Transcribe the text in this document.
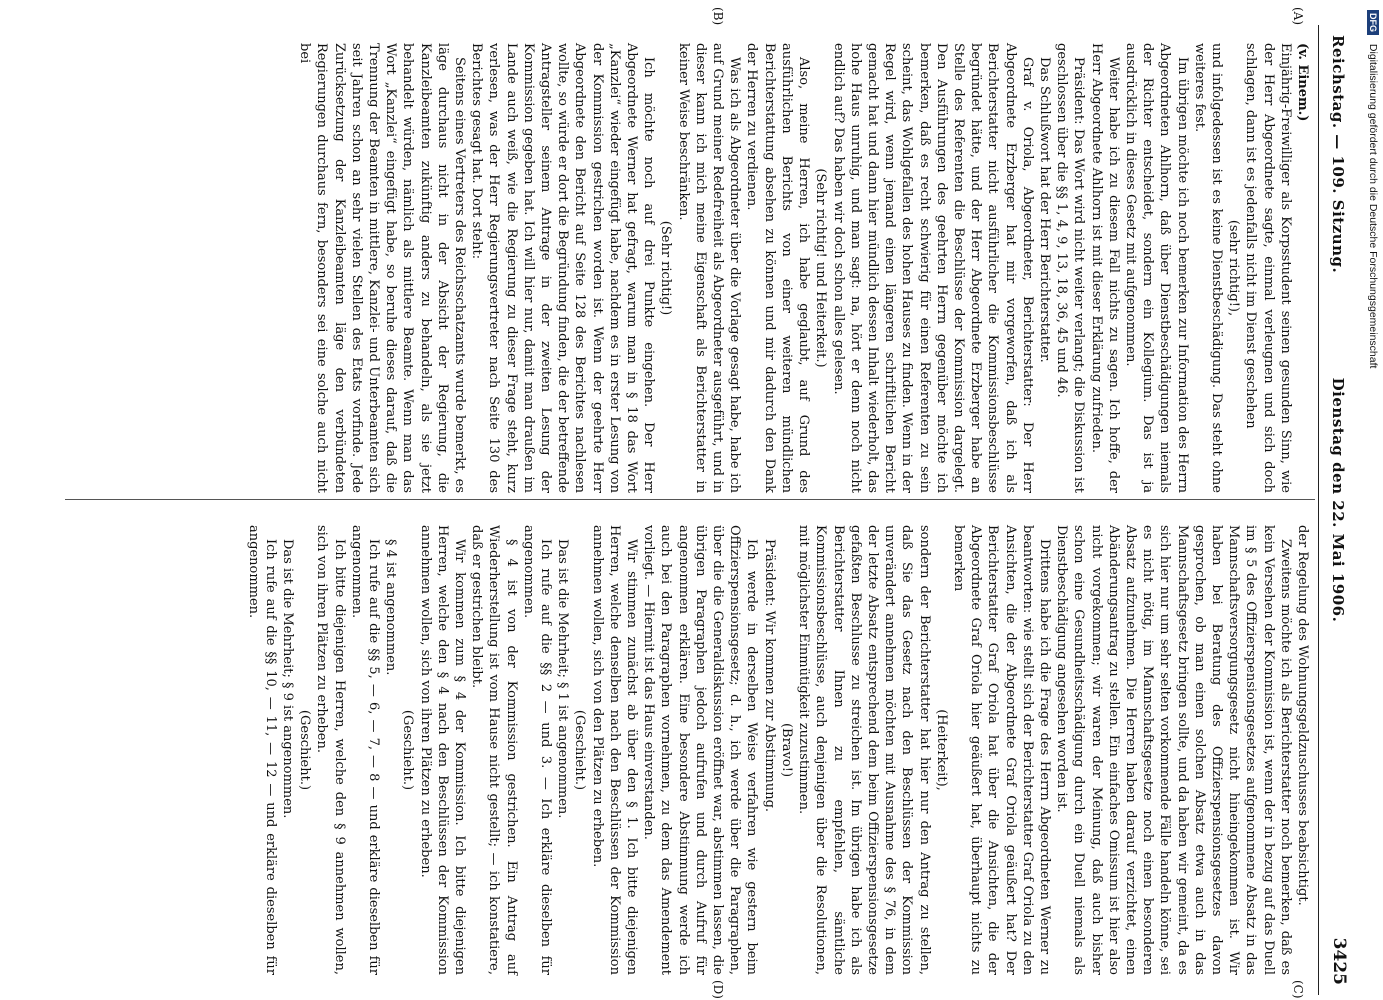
Reichstag. — 109. Sitzung.
Dienstag den 22. Mai 1906.
3425
(A)
(B)
(C)
(D)

(v. Einem.)

Einjährig-Freiwilliger als Korpsstudent seinen gesunden Sinn, wie der Herr Abgeordnete sagte, einmal verleugnen und sich doch schlagen, dann ist es jedenfalls nicht im Dienst geschehen

(sehr richtig!),

und infolgedessen ist es keine Dienstbeschädigung. Das steht ohne weiteres fest.

Im übrigen möchte ich noch bemerken zur Information des Herrn Abgeordneten Ahlhorn, daß über Dienstbeschädigungen niemals der Richter entscheidet, sondern ein Kollegium. Das ist ja ausdrücklich in dieses Gesetz mit aufgenommen.

Weiter habe ich zu diesem Fall nichts zu sagen. Ich hoffe, der Herr Abgeordnete Ahlhorn ist mit dieser Erklärung zufrieden.

Präsident: Das Wort wird nicht weiter verlangt; die Diskussion ist geschlossen über die §§ 1, 4, 9, 13, 18, 36, 45 und 46.

Das Schlußwort hat der Herr Berichterstatter.

Graf v. Oriola, Abgeordneter, Berichterstatter: Der Herr Abgeordnete Erzberger hat mir vorgeworfen, daß ich als Berichterstatter nicht ausführlicher die Kommissionsbeschlüsse begründet hätte, und der Herr Abgeordnete Erzberger habe an Stelle des Referenten die Beschlüsse der Kommission dargelegt. Den Ausführungen des geehrten Herrn gegenüber möchte ich bemerken, daß es recht schwierig für einen Referenten zu sein scheint, das Wohlgefallen des hohen Hauses zu finden. Wenn in der Regel wird, wenn jemand einen längeren schriftlichen Bericht gemacht hat und dann hier mündlich dessen Inhalt wiederholt, das hohe Haus unruhig, und man sagt: na, hört er denn noch nicht endlich auf? Das haben wir doch schon alles gelesen.

(Sehr richtig! und Heiterkeit.)

Also, meine Herren, ich habe geglaubt, auf Grund des ausführlichen Berichts von einer weiteren mündlichen Berichterstattung absehen zu können und mir dadurch den Dank der Herren zu verdienen.

Was ich als Abgeordneter über die Vorlage gesagt habe, habe ich auf Grund meiner Redefreiheit als Abgeordneter ausgeführt, und in dieser kann ich mich meine Eigenschaft als Berichterstatter in keiner Weise beschränken.

(Sehr richtig!)

Ich möchte noch auf drei Punkte eingehen. Der Herr Abgeordnete Werner hat gefragt, warum man in § 18 das Wort „Kanzlei“ wieder eingefügt habe, nachdem es in erster Lesung von der Kommission gestrichen worden ist. Wenn der geehrte Herr Abgeordnete den Bericht auf Seite 128 des Berichtes nachlesen wollte, so würde er dort die Begründung finden, die der betreffende Antragsteller seinem Antrage in der zweiten Lesung der Kommission gegeben hat. Ich will hier nur, damit man draußen im Lande auch weiß, wie die Regierung zu dieser Frage steht, kurz verlesen, was der Herr Regierungsvertreter nach Seite 130 des Berichtes gesagt hat. Dort steht:

Seitens eines Vertreters des Reichsschatzamts wurde bemerkt, es läge durchaus nicht in der Absicht der Regierung, die Kanzleibeamten zukünftig anders zu behandeln, als sie jetzt behandelt würden, nämlich als mittlere Beamte. Wenn man das Wort „Kanzlei“ eingefügt habe, so beruhe dieses darauf, daß die Trennung der Beamten in mittlere, Kanzlei- und Unterbeamten sich seit Jahren schon an sehr vielen Stellen des Etats vorfinde. Jede Zurücksetzung der Kanzleibeamten läge den verbündeten Regierungen durchaus fern, besonders sei eine solche auch nicht bei

der Regelung des Wohnungsgeldzuschusses beabsichtigt.

Zweitens möchte ich als Berichterstatter noch bemerken, daß es kein Versehen der Kommission ist, wenn der in bezug auf das Duell im § 5 des Offizierspensionsgesetzes aufgenommene Absatz in das Mannschaftsversorgungsgesetz nicht hineingekommen ist. Wir haben bei Beratung des Offizierspensionsgesetzes davon gesprochen, ob man einen solchen Absatz etwa auch in das Mannschaftsgesetz bringen sollte, und da haben wir gemeint, da es sich hier nur um sehr selten vorkommende Fälle handeln könne, sei es nicht nötig, im Mannschaftsgesetze noch einen besonderen Absatz aufzunehmen. Die Herren haben darauf verzichtet, einen Abänderungsantrag zu stellen. Ein einfaches Omissum ist hier also nicht vorgekommen; wir waren der Meinung, daß auch bisher schon eine Gesundheitsschädigung durch ein Duell niemals als Dienstbeschädigung angesehen worden ist.

Drittens habe ich die Frage des Herrn Abgeordneten Werner zu beantworten: wie stellt sich der Berichterstatter Graf Oriola zu den Ansichten, die der Abgeordnete Graf Oriola geäußert hat? Der Berichterstatter Graf Oriola hat über die Ansichten, die der Abgeordnete Graf Oriola hier geäußert hat, überhaupt nichts zu bemerken

(Heiterkeit),

sondern der Berichterstatter hat hier nur den Antrag zu stellen, daß Sie das Gesetz nach den Beschlüssen der Kommission unverändert annehmen möchten mit Ausnahme des § 76, in dem der letzte Absatz entsprechend dem beim Offizierspensionsgesetze gefaßten Beschlusse zu streichen ist. Im übrigen habe ich als Berichterstatter Ihnen zu empfehlen, sämtliche Kommissionsbeschlüsse, auch denjenigen über die Resolutionen, mit möglichster Einmütigkeit zuzustimmen.

(Bravo!)

Präsident: Wir kommen zur Abstimmung.

Ich werde in derselben Weise verfahren wie gestern beim Offizierspensionsgesetz; d. h., ich werde über die Paragraphen, über die die Generaldiskussion eröffnet war, abstimmen lassen, die übrigen Paragraphen jedoch aufrufen und durch Aufruf für angenommen erklären. Eine besondere Abstimmung werde ich auch bei den Paragraphen vornehmen, zu dem das Amendement vorliegt. — Hiermit ist das Haus einverstanden.

Wir stimmen zunächst ab über den § 1. Ich bitte diejenigen Herren, welche denselben nach den Beschlüssen der Kommission annehmen wollen, sich von den Plätzen zu erheben.

(Geschieht.)

Das ist die Mehrheit; § 1 ist angenommen.

Ich rufe auf die §§ 2 — und 3. — Ich erkläre dieselben für angenommen.

§ 4 ist von der Kommission gestrichen. Ein Antrag auf Wiederherstellung ist vom Hause nicht gestellt; — ich konstatiere, daß er gestrichen bleibt.

Wir kommen zum § 4 der Kommission. Ich bitte diejenigen Herren, welche den § 4 nach den Beschlüssen der Kommission annehmen wollen, sich von ihren Plätzen zu erheben.

(Geschieht.)

§ 4 ist angenommen.

Ich rufe auf die §§ 5, — 6, — 7, — 8 — und erkläre dieselben für angenommen.

Ich bitte diejenigen Herren, welche den § 9 annehmen wollen, sich von ihren Plätzen zu erheben.

(Geschieht.)

Das ist die Mehrheit; § 9 ist angenommen.

Ich rufe auf die §§ 10, — 11, — 12 — und erkläre dieselben für angenommen.

DFG Digitalisierung gefördert durch die Deutsche Forschungsgemeinschaft
